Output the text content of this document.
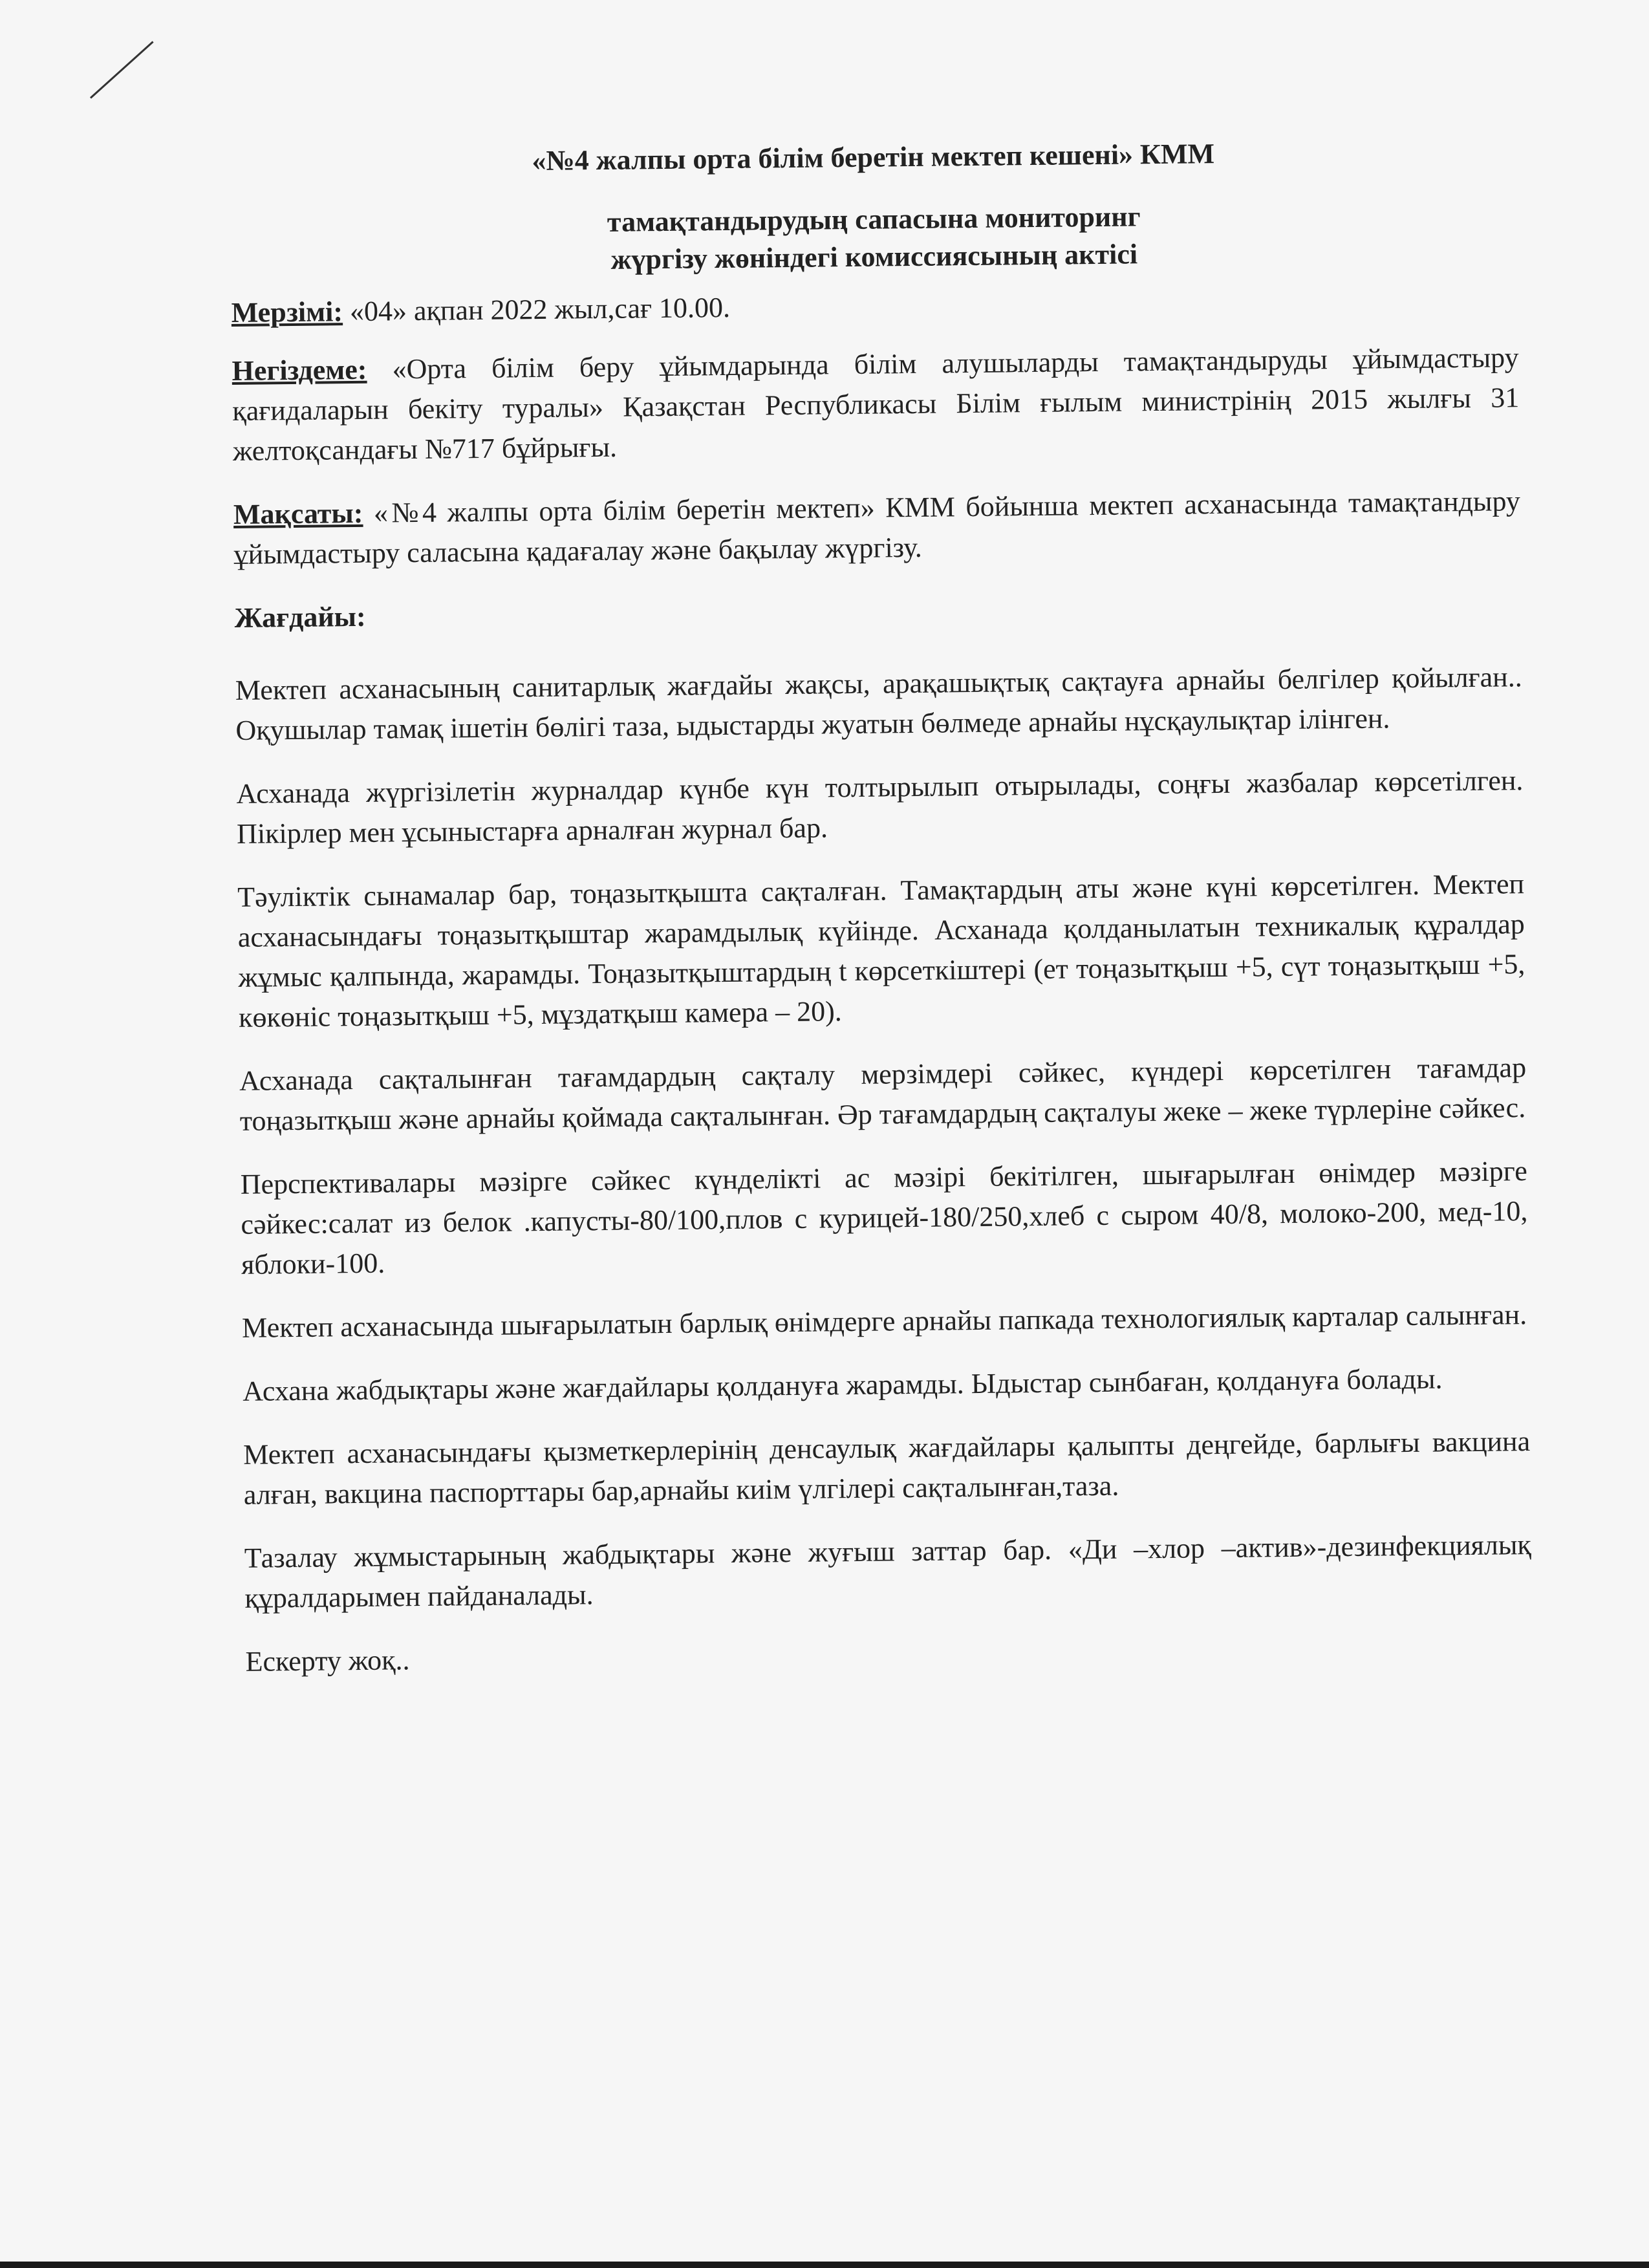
«№4 жалпы орта білім беретін мектеп кешені» КММ

тамақтандырудың сапасына мониторинг

жүргізу жөніндегі комиссиясының актісі

Мерзімі: «04» ақпан 2022 жыл,сағ 10.00.

Негіздеме: «Орта білім беру ұйымдарында білім алушыларды тамақтандыруды ұйымдастыру қағидаларын бекіту туралы» Қазақстан Республикасы Білім ғылым министрінің 2015 жылғы 31 желтоқсандағы №717 бұйрығы.

Мақсаты: «№4 жалпы орта білім беретін мектеп» КММ бойынша мектеп асханасында тамақтандыру ұйымдастыру саласына қадағалау және бақылау жүргізу.

Жағдайы:

Мектеп асханасының санитарлық жағдайы жақсы, арақашықтық сақтауға арнайы белгілер қойылған.. Оқушылар тамақ ішетін бөлігі таза, ыдыстарды жуатын бөлмеде арнайы нұсқаулықтар ілінген.

Асханада жүргізілетін журналдар күнбе күн толтырылып отырылады, соңғы жазбалар көрсетілген. Пікірлер мен ұсыныстарға арналған журнал бар.

Тәуліктік сынамалар бар, тоңазытқышта сақталған. Тамақтардың аты және күні көрсетілген. Мектеп асханасындағы тоңазытқыштар жарамдылық күйінде. Асханада қолданылатын техникалық құралдар жұмыс қалпында, жарамды. Тоңазытқыштардың t көрсеткіштері (ет тоңазытқыш +5, сүт тоңазытқыш +5, көкөніс тоңазытқыш +5, мұздатқыш камера – 20).

Асханада сақталынған тағамдардың сақталу мерзімдері сәйкес, күндері көрсетілген тағамдар тоңазытқыш және арнайы қоймада сақталынған. Әр тағамдардың сақталуы жеке – жеке түрлеріне сәйкес.

Перспективалары мәзірге сәйкес күнделікті ас мәзірі бекітілген, шығарылған өнімдер мәзірге сәйкес:салат из белок .капусты-80/100,плов с курицей-180/250,хлеб с сыром 40/8, молоко-200, мед-10, яблоки-100.

Мектеп асханасында шығарылатын барлық өнімдерге арнайы папкада технологиялық карталар салынған.

Асхана жабдықтары және жағдайлары қолдануға жарамды. Ыдыстар сынбаған, қолдануға болады.

Мектеп асханасындағы қызметкерлерінің денсаулық жағдайлары қалыпты деңгейде, барлығы вакцина алған, вакцина паспорттары бар,арнайы киім үлгілері сақталынған,таза.

Тазалау жұмыстарының жабдықтары және жуғыш заттар бар. «Ди –хлор –актив»-дезинфекциялық құралдарымен пайданалады.

Ескерту жоқ..
